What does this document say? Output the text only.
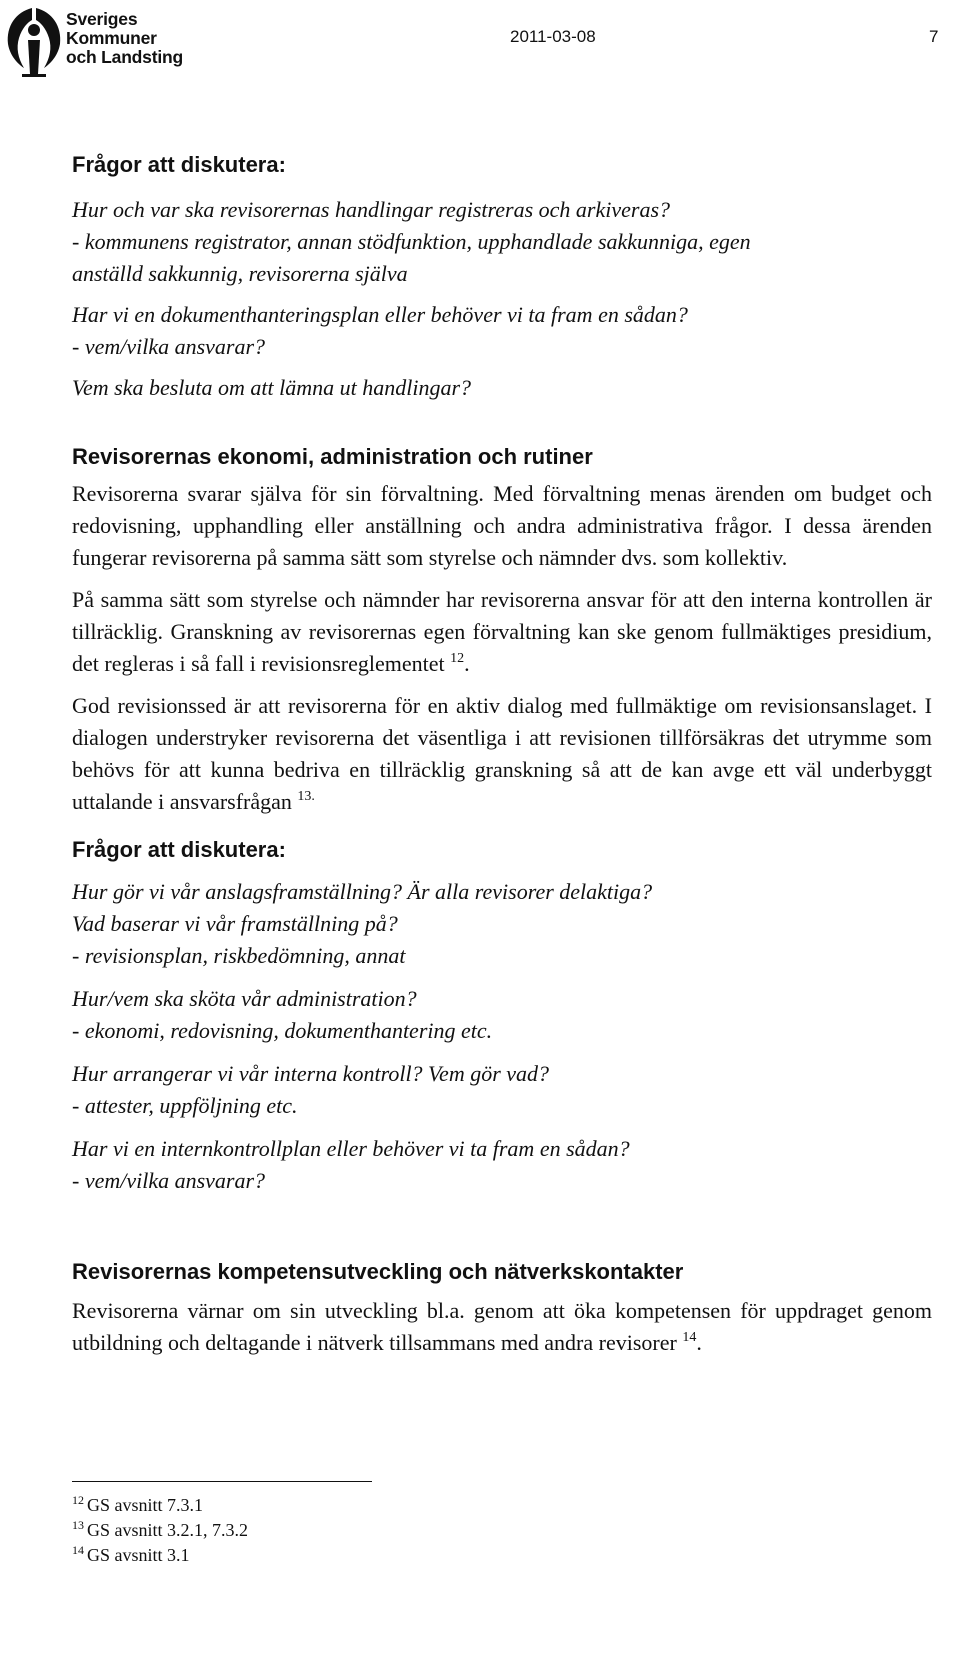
Sveriges
Kommuner
och Landsting
2011-03-08	7
Frågor att diskutera:
Hur och var ska revisorernas handlingar registreras och arkiveras?
- kommunens registrator, annan stödfunktion, upphandlade sakkunniga, egen
anställd sakkunnig, revisorerna själva
Har vi en dokumenthanteringsplan eller behöver vi ta fram en sådan?
- vem/vilka ansvarar?
Vem ska besluta om att lämna ut handlingar?
Revisorernas ekonomi, administration och rutiner

Revisorerna svarar själva för sin förvaltning. Med förvaltning menas ärenden om budget och redovisning, upphandling eller anställning och andra administrativa frågor. I dessa ärenden fungerar revisorerna på samma sätt som styrelse och nämnder dvs. som kollektiv.

På samma sätt som styrelse och nämnder har revisorerna ansvar för att den interna kontrollen är tillräcklig. Granskning av revisorernas egen förvaltning kan ske genom fullmäktiges presidium, det regleras i så fall i revisionsreglementet $^{12}$.

God revisionssed är att revisorerna för en aktiv dialog med fullmäktige om revisionsanslaget. I dialogen understryker revisorerna det väsentliga i att revisionen tillförsäkras det utrymme som behövs för att kunna bedriva en tillräcklig granskning så att de kan avge ett väl underbyggt uttalande i ansvarsfrågan $^{13.}$

Frågor att diskutera:
Hur gör vi vår anslagsframställning? Är alla revisorer delaktiga?
Vad baserar vi vår framställning på?
- revisionsplan, riskbedömning, annat
Hur/vem ska sköta vår administration?
- ekonomi, redovisning, dokumenthantering etc.
Hur arrangerar vi vår interna kontroll? Vem gör vad?
- attester, uppföljning etc.
Har vi en internkontrollplan eller behöver vi ta fram en sådan?
- vem/vilka ansvarar?
Revisorernas kompetensutveckling och nätverkskontakter

Revisorerna värnar om sin utveckling bl.a. genom att öka kompetensen för uppdraget genom utbildning och deltagande i nätverk tillsammans med andra revisorer $^{14}$.

$^{12}$ GS avsnitt 7.3.1
$^{13}$ GS avsnitt 3.2.1, 7.3.2
$^{14}$ GS avsnitt 3.1
